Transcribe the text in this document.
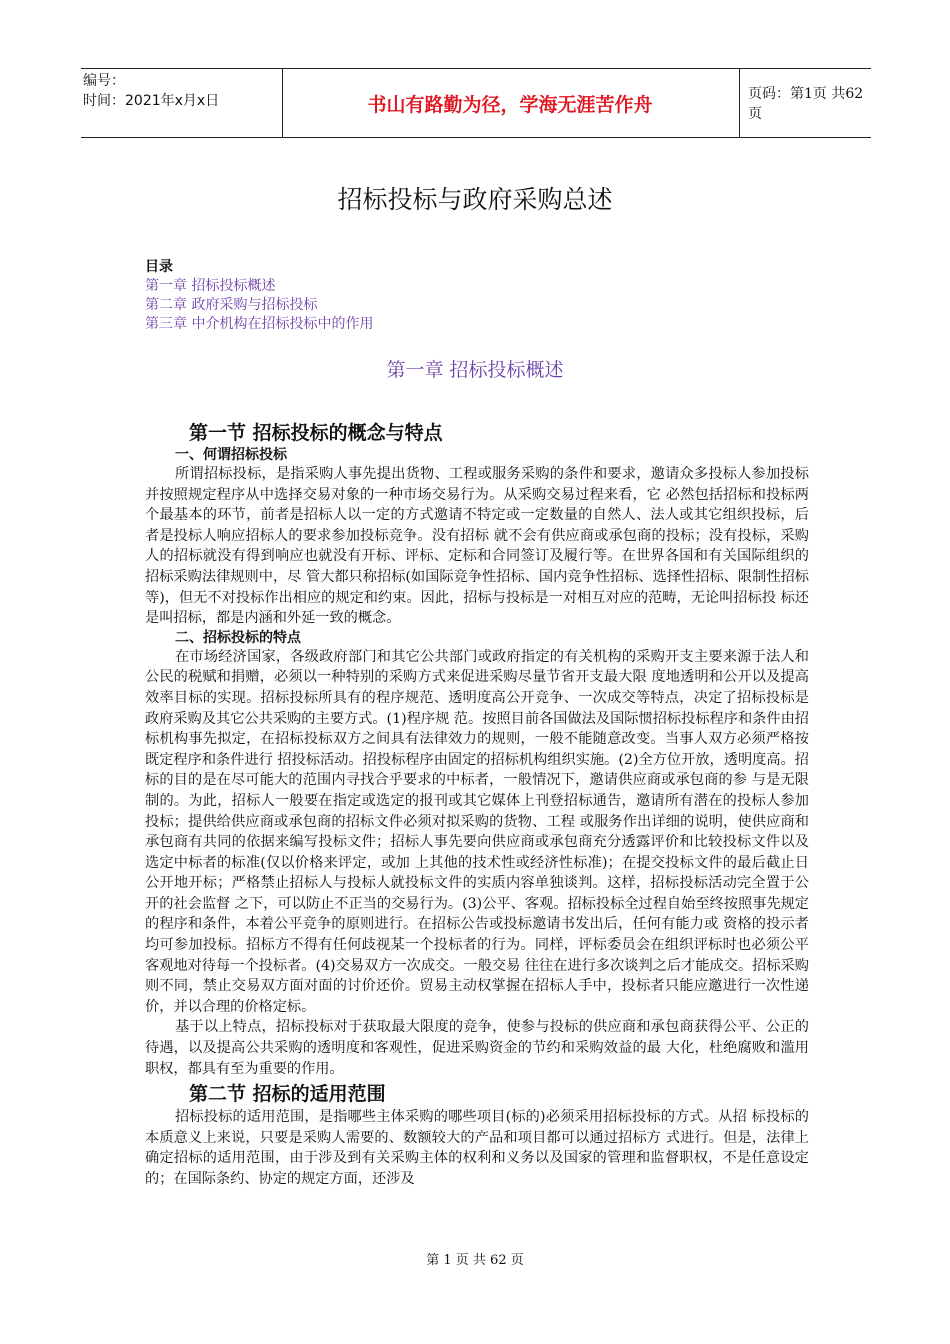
编号：
时间：2021年x月x日	书山有路勤为径，学海无涯苦作舟	页码：第1页 共62页
招标投标与政府采购总述
目录
第一章 招标投标概述
第二章 政府采购与招标投标
第三章 中介机构在招标投标中的作用
第一章 招标投标概述
第一节 招标投标的概念与特点
一、何谓招标投标

所谓招标投标，是指采购人事先提出货物、工程或服务采购的条件和要求，邀请众多投标人参加投标并按照规定程序从中选择交易对象的一种市场交易行为。从采购交易过程来看，它 必然包括招标和投标两个最基本的环节，前者是招标人以一定的方式邀请不特定或一定数量的自然人、法人或其它组织投标，后者是投标人响应招标人的要求参加投标竞争。没有招标 就不会有供应商或承包商的投标；没有投标，采购人的招标就没有得到响应也就没有开标、评标、定标和合同签订及履行等。在世界各国和有关国际组织的招标采购法律规则中，尽 管大都只称招标(如国际竞争性招标、国内竞争性招标、选择性招标、限制性招标等)，但无不对投标作出相应的规定和约束。因此，招标与投标是一对相互对应的范畴，无论叫招标投 标还是叫招标，都是内涵和外延一致的概念。

二、招标投标的特点

在市场经济国家，各级政府部门和其它公共部门或政府指定的有关机构的采购开支主要来源于法人和公民的税赋和捐赠，必须以一种特别的采购方式来促进采购尽量节省开支最大限 度地透明和公开以及提高效率目标的实现。招标投标所具有的程序规范、透明度高公开竞争、一次成交等特点，决定了招标投标是政府采购及其它公共采购的主要方式。(1)程序规 范。按照目前各国做法及国际惯招标投标程序和条件由招标机构事先拟定，在招标投标双方之间具有法律效力的规则，一般不能随意改变。当事人双方必须严格按既定程序和条件进行 招投标活动。招投标程序由固定的招标机构组织实施。(2)全方位开放，透明度高。招标的目的是在尽可能大的范围内寻找合乎要求的中标者，一般情况下，邀请供应商或承包商的参 与是无限制的。为此，招标人一般要在指定或选定的报刊或其它媒体上刊登招标通告，邀请所有潜在的投标人参加投标；提供给供应商或承包商的招标文件必须对拟采购的货物、工程 或服务作出详细的说明，使供应商和承包商有共同的依据来编写投标文件；招标人事先要向供应商或承包商充分透露评价和比较投标文件以及选定中标者的标准(仅以价格来评定，或加 上其他的技术性或经济性标准)；在提交投标文件的最后截止日公开地开标；严格禁止招标人与投标人就投标文件的实质内容单独谈判。这样，招标投标活动完全置于公开的社会监督 之下，可以防止不正当的交易行为。(3)公平、客观。招标投标全过程自始至终按照事先规定的程序和条件，本着公平竞争的原则进行。在招标公告或投标邀请书发出后，任何有能力或 资格的投示者均可参加投标。招标方不得有任何歧视某一个投标者的行为。同样，评标委员会在组织评标时也必须公平客观地对待每一个投标者。(4)交易双方一次成交。一般交易 往往在进行多次谈判之后才能成交。招标采购则不同，禁止交易双方面对面的讨价还价。贸易主动权掌握在招标人手中，投标者只能应邀进行一次性递价，并以合理的价格定标。

基于以上特点，招标投标对于获取最大限度的竞争，使参与投标的供应商和承包商获得公平、公正的待遇，以及提高公共采购的透明度和客观性，促进采购资金的节约和采购效益的最 大化，杜绝腐败和滥用职权，都具有至为重要的作用。

第二节 招标的适用范围

招标投标的适用范围，是指哪些主体采购的哪些项目(标的)必须采用招标投标的方式。从招 标投标的本质意义上来说，只要是采购人需要的、数额较大的产品和项目都可以通过招标方 式进行。但是，法律上确定招标的适用范围，由于涉及到有关采购主体的权利和义务以及国家的管理和监督职权，不是任意设定的；在国际条约、协定的规定方面，还涉及

第 1 页 共 62 页
